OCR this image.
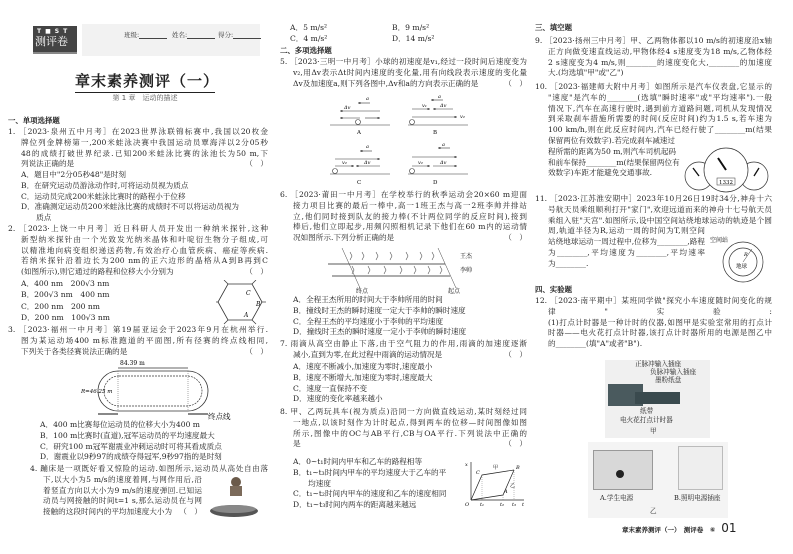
T■ST
测评卷	班级:	姓名:	得分:
章末素养测评（一）
第 1 章　运动的描述
一、单项选择题
1. ［2023·泉州五中月考］在2023世界泳联锦标赛中,我国以20枚金
牌位列金牌榜第一,200米蛙泳决赛中我国运动员覃海洋以2分05秒
48的成绩打破世界纪录.已知200米蛙泳比赛的泳池长为50 m,下
列说法正确的是	（　）
A．题目中"2分05秒48"是时刻
B．在研究运动员游泳动作时,可将运动员视为质点
C．运动员完成200米蛙泳比赛时的路程小于位移
D．准确测定运动员200米蛙泳比赛的成绩时不可以将运动员视为
　　质点
2. ［2023·上饶一中月考］近日科研人员开发出一种纳米探针,这种
新型纳米探针由一个光致发光纳米晶体和叶啶衍生物分子组成,可
以精准地向病变组织递送药物,有效治疗心血管疾病、癌症等疾病.
若纳米探针沿着边长为200 nm的正六边形的晶格从A到B再到C
(如图所示),则它通过的路程和位移大小分别为	（　）
A．400 nm　200√3 nm
B．200√3 nm　400 nm
C．200 nm　200 nm
D．200 nm　100√3 nm
C
B
A
3. ［2023·福州一中月考］第19届亚运会于2023年9月在杭州举行.
图为某运动场400 m标准跑道的平面图,所有径赛的终点线相同,
下列关于各类径赛说法正确的是	（　）
84.39 m
R=46.25 m
终点线
A．400 m比赛每位运动员的位移大小为400 m
B．100 m比赛时(直道),冠军运动员的平均速度最大
C．研究100 m冠军谢震业冲刺运动时可将其看成质点
D．谢震业以9秒97的成绩夺得冠军,9秒97指的是时刻
4. 蹦床是一项既好看又惊险的运动.如图所示,运动员从高处自由落
下,以大小为5 m/s的速度着网,与网作用后,沿
着竖直方向以大小为9 m/s的速度弹回.已知运
动员与网接触的时间t=1 s,那么运动员在与网
接触的这段时间内的平均加速度大小为 （　）
A．5 m/s²	B．9 m/s²
C．4 m/s²	D．14 m/s²
二、多项选择题
5. ［2023·三明一中月考］小球的初速度是v₁,经过一段时间后速度变为
v₂,用Δv表示Δt时间内速度的变化量,用有向线段表示速度的变化量
Δv及加速度a,则下列各图中,Δv和a的方向表示正确的是	（　）
a
Δv
a
Δv
v₁
v₂
a
v₂	Δv
a
v₂	Δv
A	B
C	D
6. ［2023·莆田一中月考］在学校举行的秋季运动会20×60 m迎面
接力项目比赛的最后一棒中,高一1班王杰与高一2班李帅并排站
立,他们同时接到队友的接力棒(不计两位同学的反应时间),接到
棒后,他们立即起步,用频闪照相机记录下他们在60 m内的运动情
况如图所示.下列分析正确的是	（　）
王杰
李帅
终点	起点
A．全程王杰所用的时间大于李帅所用的时间
B．撞线时王杰的瞬时速度一定大于李帅的瞬时速度
C．全程王杰的平均速度小于李帅的平均速度
D．撞线时王杰的瞬时速度一定小于李帅的瞬时速度
7. 雨滴从高空由静止下落,由于空气阻力的作用,雨滴的加速度逐渐
减小,直到为零,在此过程中雨滴的运动情况是	（　）
A．速度不断减小,加速度为零时,速度最小
B．速度不断增大,加速度为零时,速度最大
C．速度一直保持不变
D．速度的变化率越来越小
8. 甲、乙两玩具车(视为质点)沿同一方向做直线运动,某时刻经过同
一地点,以该时刻作为计时起点,得到两车的位移—时间图像如图
所示,图像中的OC与AB平行,CB与OA平行.下列说法中正确的
是	（　）
A．0~t₁时间内甲车和乙车的路程相等
B．t₁~t₃时间内甲车的平均速度大于乙车的平
　　均速度
C．t₁~t₂时间内甲车的速度和乙车的速度相同
D．t₁~t₃时间内两车的距离越来越远
x
t
O t₁	t₂ t₃
C
B
A
甲
乙
三、填空题
9. ［2023·扬州三中月考］甲、乙两物体都以10 m/s的初速度沿x轴
正方向做变速直线运动,甲物体经4 s速度变为18 m/s,乙物体经
2 s速度变为4 m/s,则________的速度变化大,________的加速度
大.(均选填"甲"或"乙")
10. ［2023·福建师大附中月考］如图所示是汽车仪表盘,它显示的
"速度"是汽车的________(选填"瞬时速率"或"平均速率").一般
情况下,汽车在高速行驶时,遇到前方道路问题,司机从发现情况
到采取刹车措施所需要的时间(反应时间)约为1.5 s,若车速为
100 km/h,则在此反应时间内,汽车已经行驶了________m(结果
保留两位有效数字).若完成刹车减速过
程所需的距离为50 m,则汽车司机起码
和前车保持________m(结果保留两位有
效数字)车距才能避免交通事故.
1332
11. ［2023·江苏淮安期中］2023年10月26日19时34分,神舟十六
号航天员乘组顺利打开"家门",欢迎远道而来的神舟十七号航天员
乘组入驻"天宫".如图所示,设中国空间站绕地球运动的轨迹是个圆
周,轨道半径为R,运动一周的时间为T,则空间
站绕地球运动一周过程中,位移为________,路程
为________,平均速度为________,平均速率
为________.
空间站
R
地球
四、实验题
12. ［2023·南平期中］某班同学做"探究小车速度随时间变化的规
律"实验:
(1)打点计时器是一种计时的仪器,如图甲是实验室常用的打点计
时器——电火花打点计时器,该打点计时器所用的电源是图乙中
的________(填"A"或者"B").
正脉冲输入插座
负脉冲输入插座
墨粉纸盘
纸带
电火花打点计时器
甲
A.学生电源	B.照明电源插座
乙
章末素养测评（一）　测评卷　⑥ 01
